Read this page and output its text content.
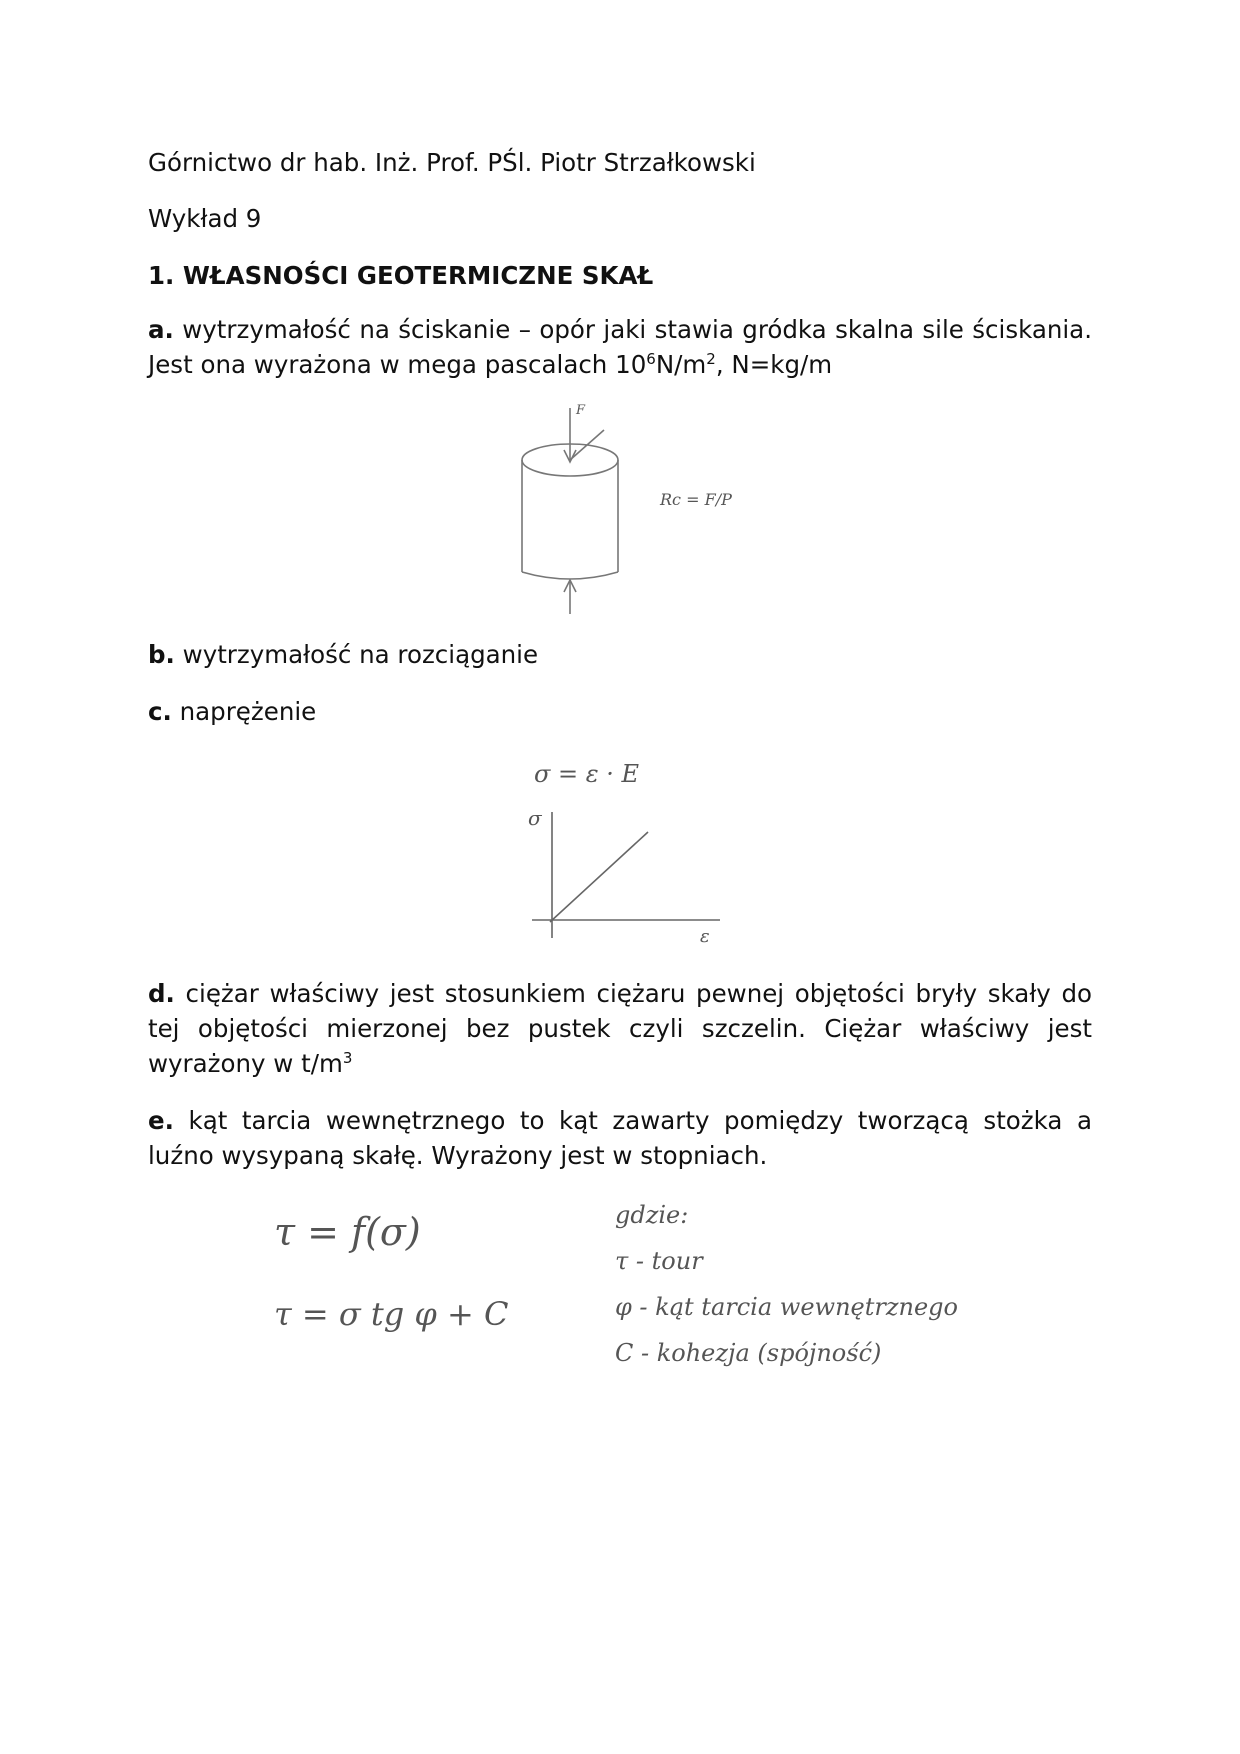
Górnictwo dr hab. Inż. Prof. PŚl. Piotr Strzałkowski
Wykład 9
1. WŁASNOŚCI GEOTERMICZNE SKAŁ
a. wytrzymałość na ściskanie – opór jaki stawia gródka skalna sile ściskania. Jest ona wyrażona w mega pascalach $10^6N/m^2$, N=kg/m
F
Rc = F/P
b. wytrzymałość na rozciąganie
c. naprężenie
σ = ε · E
σ
ε
d. ciężar właściwy jest stosunkiem ciężaru pewnej objętości bryły skały do tej objętości mierzonej bez pustek czyli szczelin. Ciężar właściwy jest wyrażony w $t/m^3$
e. kąt tarcia wewnętrznego to kąt zawarty pomiędzy tworzącą stożka a luźno wysypaną skałę. Wyrażony jest w stopniach.
τ = f(σ)
τ = σ tg φ + C
gdzie:
τ - tour
φ - kąt tarcia wewnętrznego
C - kohezja (spójność)
